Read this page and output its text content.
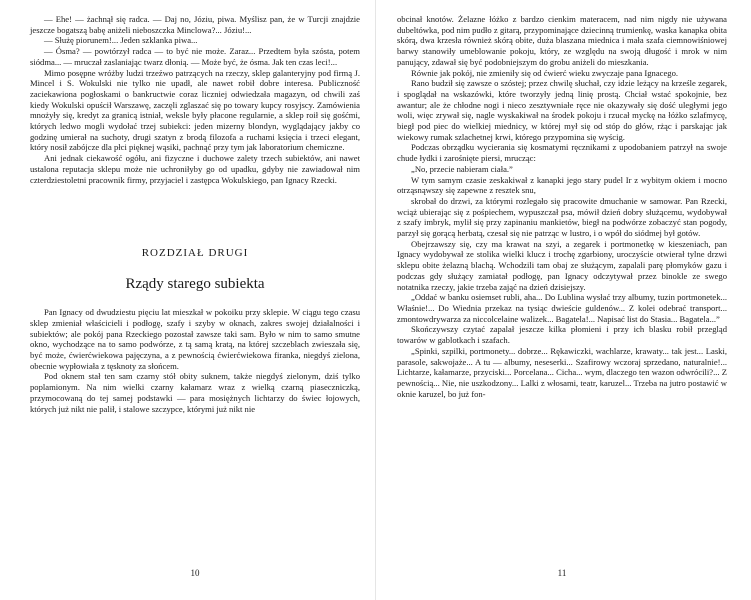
— Ehe! — żachnął się radca. — Daj no, Józiu, piwa. Myślisz pan, że w Turcji znajdzie jeszcze bogatszą babę aniżeli nieboszczka Minclowa?... Józiu!...

— Służę piorunem!... Jeden szklanka piwa...

— Ósma? — powtórzył radca — to być nie może. Zaraz... Przedtem była szósta, potem siódma... — mruczał zaslaniając twarz dłonią. — Może być, że ósma. Jak ten czas leci!...

Mimo posępne wróżby ludzi trzeźwo patrzących na rzeczy, sklep galanteryjny pod firmą J. Mincel i S. Wokulski nie tylko nie upadł, ale nawet robił dobre interesa. Publiczność zaciekawiona pogłoskami o bankructwie coraz liczniej odwiedzała magazyn, od chwili zaś kiedy Wokulski opuścił Warszawę, zaczęli zglaszać się po towary kupcy rosyjscy. Zamówienia mnożyły się, kredyt za granicą istniał, weksle były płacone regularnie, a sklep roił się gośćmi, których ledwo mogli wydołać trzej subiekci: jeden mizerny blondyn, wyglądający jakby co godzinę umierał na suchoty, drugi szatyn z brodą filozofa a ruchami księcia i trzeci elegant, który nosił zabójcze dla płci pięknej wąsiki, pachnąć przy tym jak laboratorium chemiczne.

Ani jednak ciekawość ogółu, ani fizyczne i duchowe zalety trzech subiektów, ani nawet ustalona reputacja sklepu może nie uchroniłyby go od upadku, gdyby nie zawiadował nim czterdziestoletni pracownik firmy, przyjaciel i zastępca Wokulskiego, pan Ignacy Rzecki.

ROZDZIAŁ DRUGI
Rządy starego subiekta

Pan Ignacy od dwudziestu pięciu lat mieszkał w pokoiku przy sklepie. W ciągu tego czasu sklep zmieniał właścicieli i podłogę, szafy i szyby w oknach, zakres swojej działalności i subiektów; ale pokój pana Rzeckiego pozostał zawsze taki sam. Było w nim to samo smutne okno, wychodzące na to samo podwórze, z tą samą kratą, na której szczeblach zwieszała się, być może, ćwierćwiekowa pajęczyna, a z pewnością ćwierćwiekowa firanka, niegdyś zielona, obecnie wypłowiała z tęsknoty za słońcem.

Pod oknem stał ten sam czarny stół obity suknem, także niegdyś zielonym, dziś tylko poplamionym. Na nim wielki czarny kałamarz wraz z wielką czarną piaseczniczką, przymocowaną do tej samej podstawki — para mosiężnych lichtarzy do świec łojowych, których już nikt nie palił, i stalowe szczypce, którymi już nikt nie

10

obcinał knotów. Żelazne łóżko z bardzo cienkim materacem, nad nim nigdy nie używana dubeltówka, pod nim pudło z gitarą, przypominające dziecinną trumienkę, waska kanapka obita skórą, dwa krzesła również skórą obite, duża blaszana miednica i mała szafa ciemnowiśniowej barwy stanowiły umeblowanie pokoju, który, ze względu na swoją długość i mrok w nim panujący, zdawał się być podobniejszym do grobu aniżeli do mieszkania.

Równie jak pokój, nie zmieniły się od ćwierć wieku zwyczaje pana Ignacego.

Rano budził się zawsze o szóstej; przez chwilę słuchał, czy idzie leżący na krześle zegarek, i spoglądał na wskazówki, które tworzyły jedną linię prostą. Chciał wstać spokojnie, bez awantur; ale że chłodne nogi i nieco zesztywniałe ręce nie okazywały się dość uległymi jego woli, więc zrywał się, nagle wyskakiwał na środek pokoju i rzucał myckę na łóżko szlafmycę, biegł pod piec do wielkiej miednicy, w której mył się od stóp do głów, rżąc i parskając jak wiekowy rumak szlachetnej krwi, którego przypomina się wyścig.

Podczas obrządku wycierania się kosmatymi ręcznikami z upodobaniem patrzył na swoje chude łydki i zarośnięte piersi, mrucząc:

„No, przecie nabieram ciała.”

W tym samym czasie zeskakiwał z kanapki jego stary pudel Ir z wybitym okiem i mocno otrząsnąwszy się zapewne z resztek snu,

skrobał do drzwi, za którymi rozlegało się pracowite dmuchanie w samowar. Pan Rzecki, wciąż ubierając się z pośpiechem, wypuszczał psa, mówił dzień dobry służącemu, wydobywał z szafy imbryk, mylił się przy zapinaniu mankietów, biegł na podwórze zobaczyć stan pogody, parzył się gorącą herbatą, czesał się nie patrząc w lustro, i o wpół do siódmej był gotów.

Obejrzawszy się, czy ma krawat na szyi, a zegarek i portmonetkę w kieszeniach, pan Ignacy wydobywał ze stolika wielki klucz i trochę zgarbiony, uroczyście otwierał tylne drzwi sklepu obite żelazną blachą. Wchodzili tam obaj ze służącym, zapalali parę płomyków gazu i podczas gdy służący zamiatał podłogę, pan Ignacy odczytywał przez binokle ze swego notatnika rzeczy, jakie trzeba zająć na dzień dzisiejszy.

„Oddać w banku osiemset rubli, aha... Do Lublina wysłać trzy albumy, tuzin portmonetek... Właśnie!... Do Wiednia przekaz na tysiąc dwieście guldenów... Z kolei odebrać transport... zmontowdrywarza za niccolcelaine walizek... Bagatela!... Napisać list do Stasia... Bagatela...”

Skończywszy czytać zapalał jeszcze kilka płomieni i przy ich blasku robił przegląd towarów w gablotkach i szafach.

„Spinki, szpilki, portmonety... dobrze... Rękawiczki, wachlarze, krawaty... tak jest... Laski, parasole, sakwojaże... A tu — albumy, neseserki... Szafirowy wczoraj sprzedano, naturalnie!... Lichtarze, kałamarze, przyciski... Porcelana... Cicha... wym, dlaczego ten wazon odwrócili?... Z pewnością... Nie, nie uszkodzony... Lalki z włosami, teatr, karuzel... Trzeba na jutro postawić w oknie karuzel, bo już fon-

11
